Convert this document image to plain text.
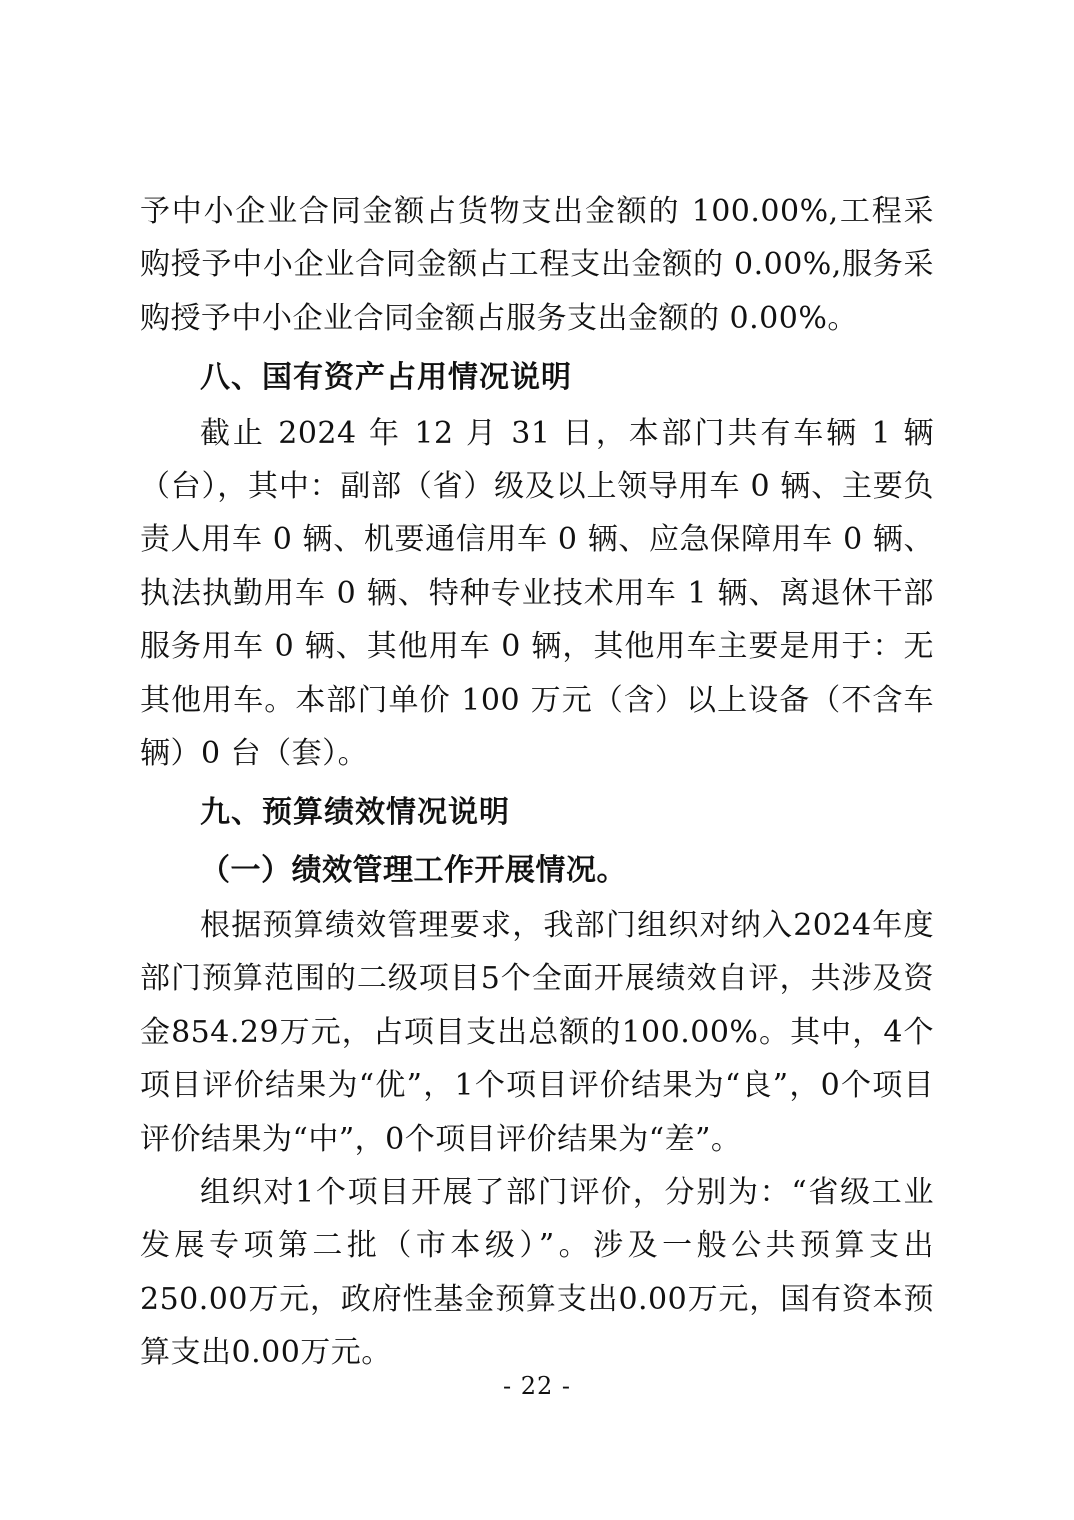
予中小企业合同金额占货物支出金额的 100.00%,工程采购授予中小企业合同金额占工程支出金额的 0.00%,服务采购授予中小企业合同金额占服务支出金额的 0.00%。

八、国有资产占用情况说明

截止 2024 年 12 月 31 日，本部门共有车辆 1 辆（台），其中：副部（省）级及以上领导用车 0 辆、主要负责人用车 0 辆、机要通信用车 0 辆、应急保障用车 0 辆、执法执勤用车 0 辆、特种专业技术用车 1 辆、离退休干部服务用车 0 辆、其他用车 0 辆，其他用车主要是用于：无其他用车。本部门单价 100 万元（含）以上设备（不含车辆）0 台（套）。

九、预算绩效情况说明
（一）绩效管理工作开展情况。

根据预算绩效管理要求，我部门组织对纳入2024年度部门预算范围的二级项目5个全面开展绩效自评，共涉及资金854.29万元，占项目支出总额的100.00%。其中，4个项目评价结果为“优”，1个项目评价结果为“良”，0个项目评价结果为“中”，0个项目评价结果为“差”。

组织对1个项目开展了部门评价，分别为：“省级工业发展专项第二批（市本级）”。涉及一般公共预算支出250.00万元，政府性基金预算支出0.00万元，国有资本预算支出0.00万元。

- 22 -
